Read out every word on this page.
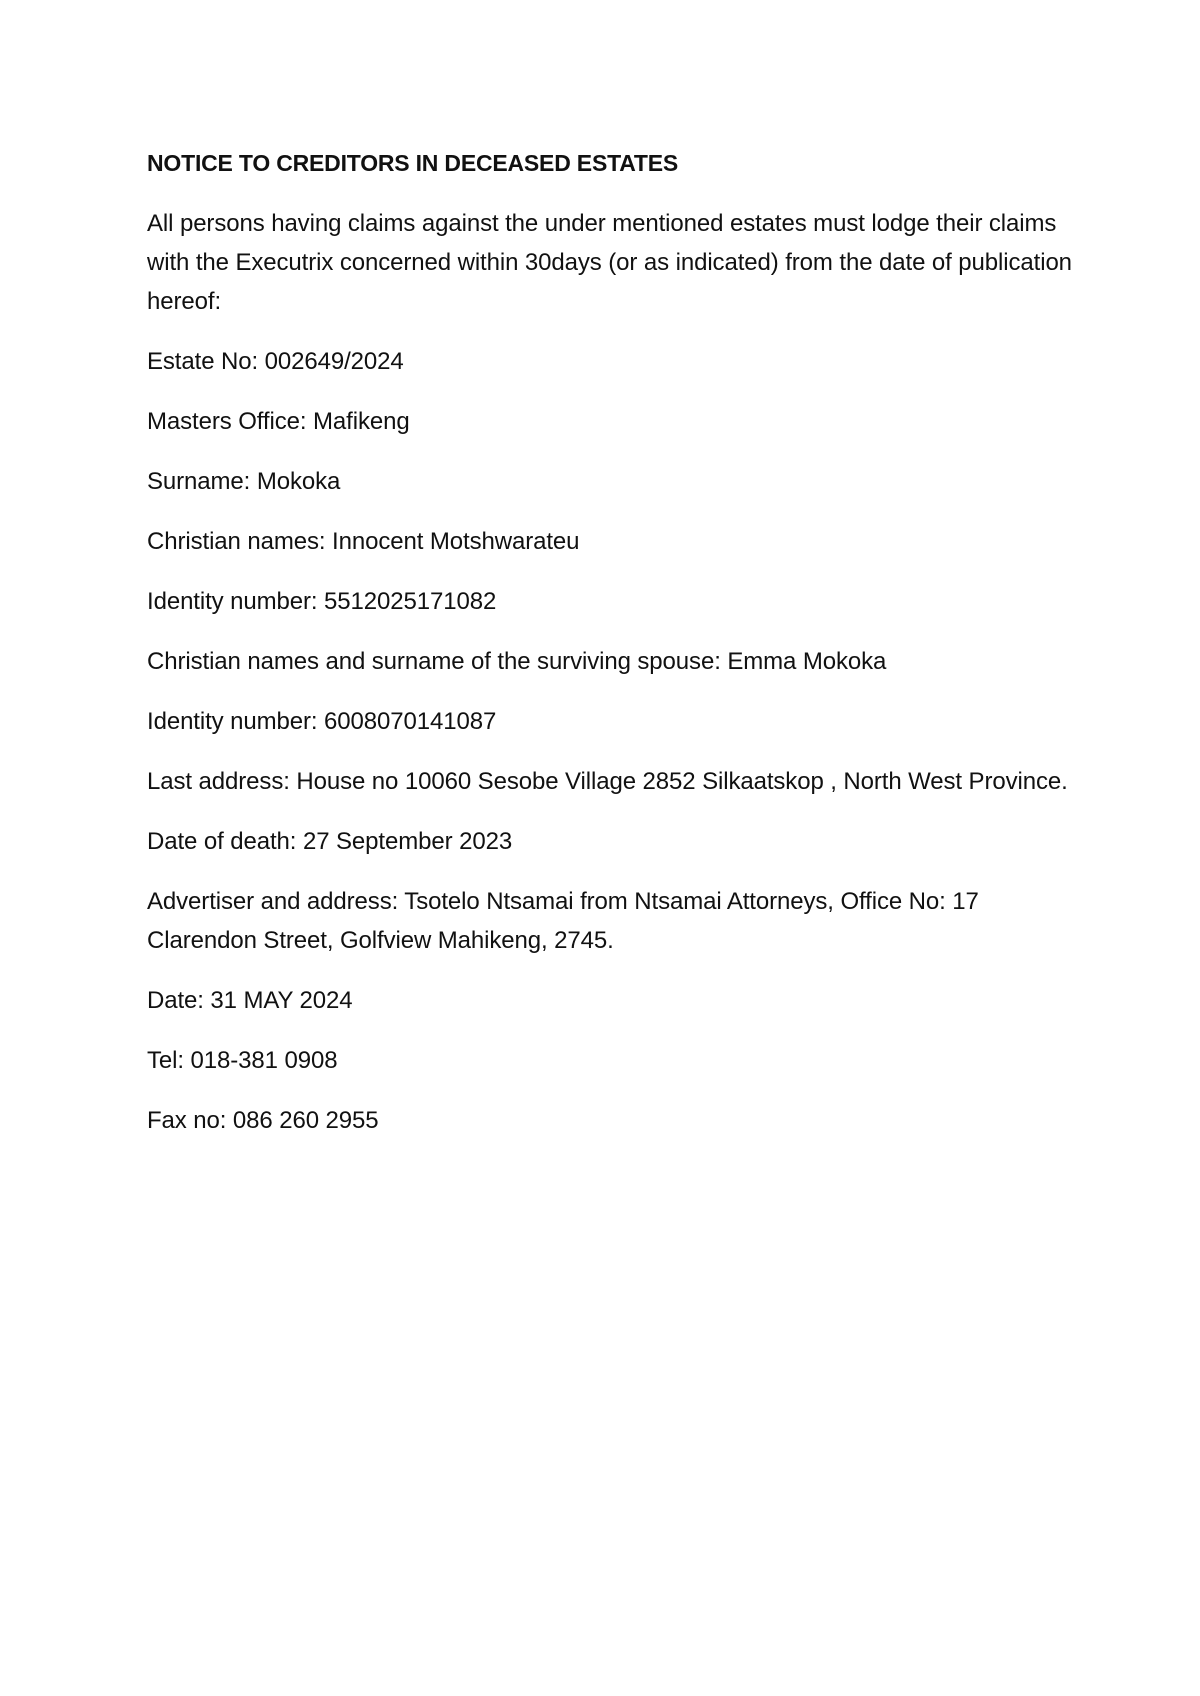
NOTICE TO CREDITORS IN DECEASED ESTATES

All persons having claims against the under mentioned estates must lodge their claims with the Executrix concerned within 30days (or as indicated) from the date of publication hereof:

Estate No: 002649/2024

Masters Office: Mafikeng

Surname: Mokoka

Christian names: Innocent Motshwarateu

Identity number: 5512025171082

Christian names and surname of the surviving spouse: Emma Mokoka

Identity number: 6008070141087

Last address: House no 10060 Sesobe Village 2852 Silkaatskop , North West Province.

Date of death: 27 September 2023

Advertiser and address: Tsotelo Ntsamai from Ntsamai Attorneys, Office No: 17 Clarendon Street, Golfview Mahikeng, 2745.

Date: 31 MAY 2024

Tel: 018-381 0908

Fax no: 086 260 2955
